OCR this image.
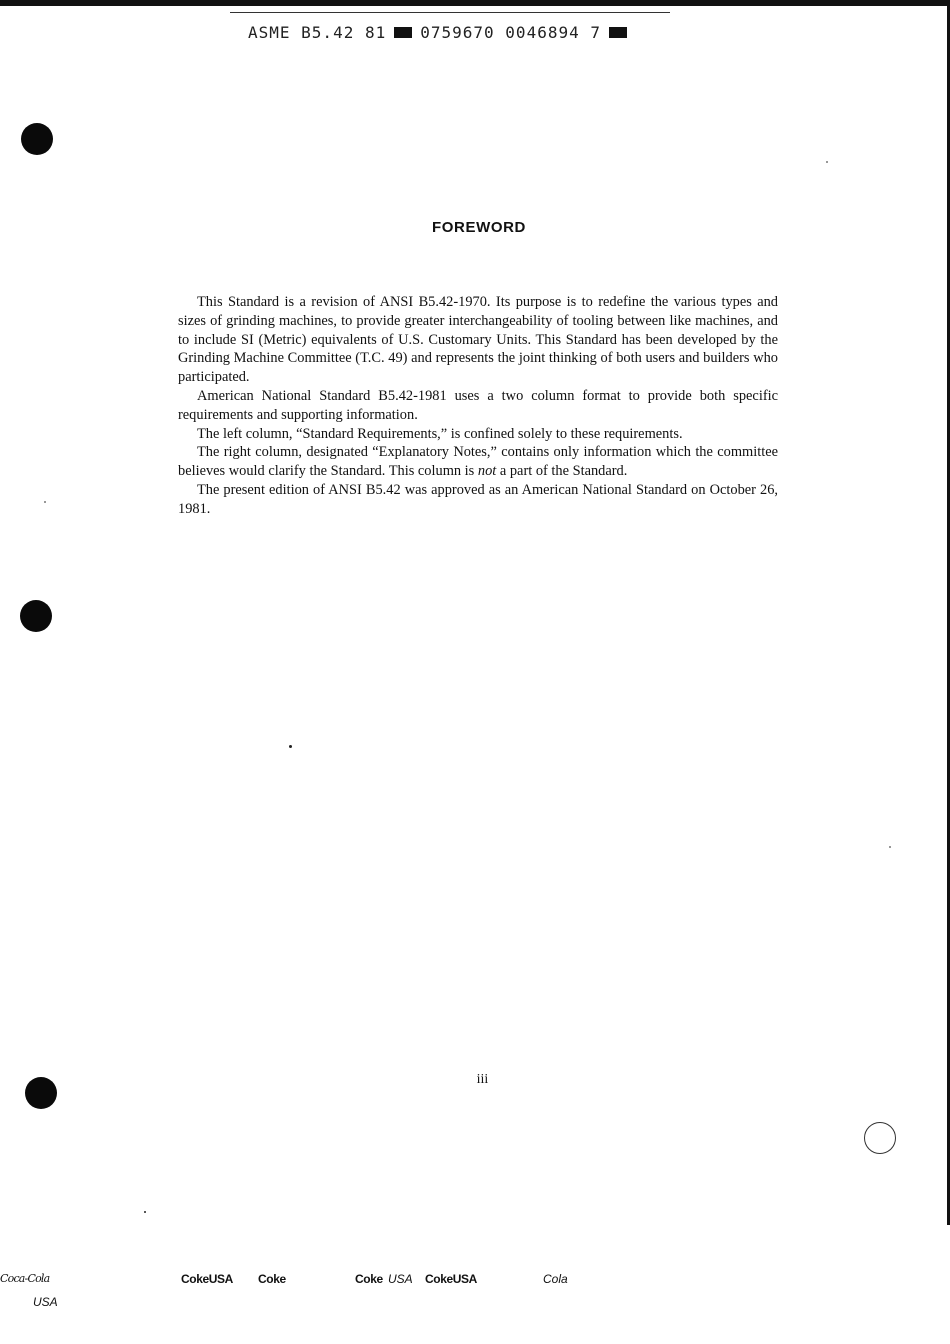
ASME B5.42 81 0759670 0046894 7
FOREWORD

This Standard is a revision of ANSI B5.42-1970. Its purpose is to redefine the various types and sizes of grinding machines, to provide greater interchangeability of tooling between like machines, and to include SI (Metric) equivalents of U.S. Customary Units. This Standard has been developed by the Grinding Machine Committee (T.C. 49) and represents the joint thinking of both users and builders who participated.

American National Standard B5.42-1981 uses a two column format to provide both specific requirements and supporting information.

The left column, “Standard Requirements,” is confined solely to these requirements.

The right column, designated “Explanatory Notes,” contains only information which the committee believes would clarify the Standard. This column is not a part of the Standard.

The present edition of ANSI B5.42 was approved as an American National Standard on October 26, 1981.

iii
Coca-Cola
USA
CokeUSA Coke	Coke USA CokeUSA	Cola
